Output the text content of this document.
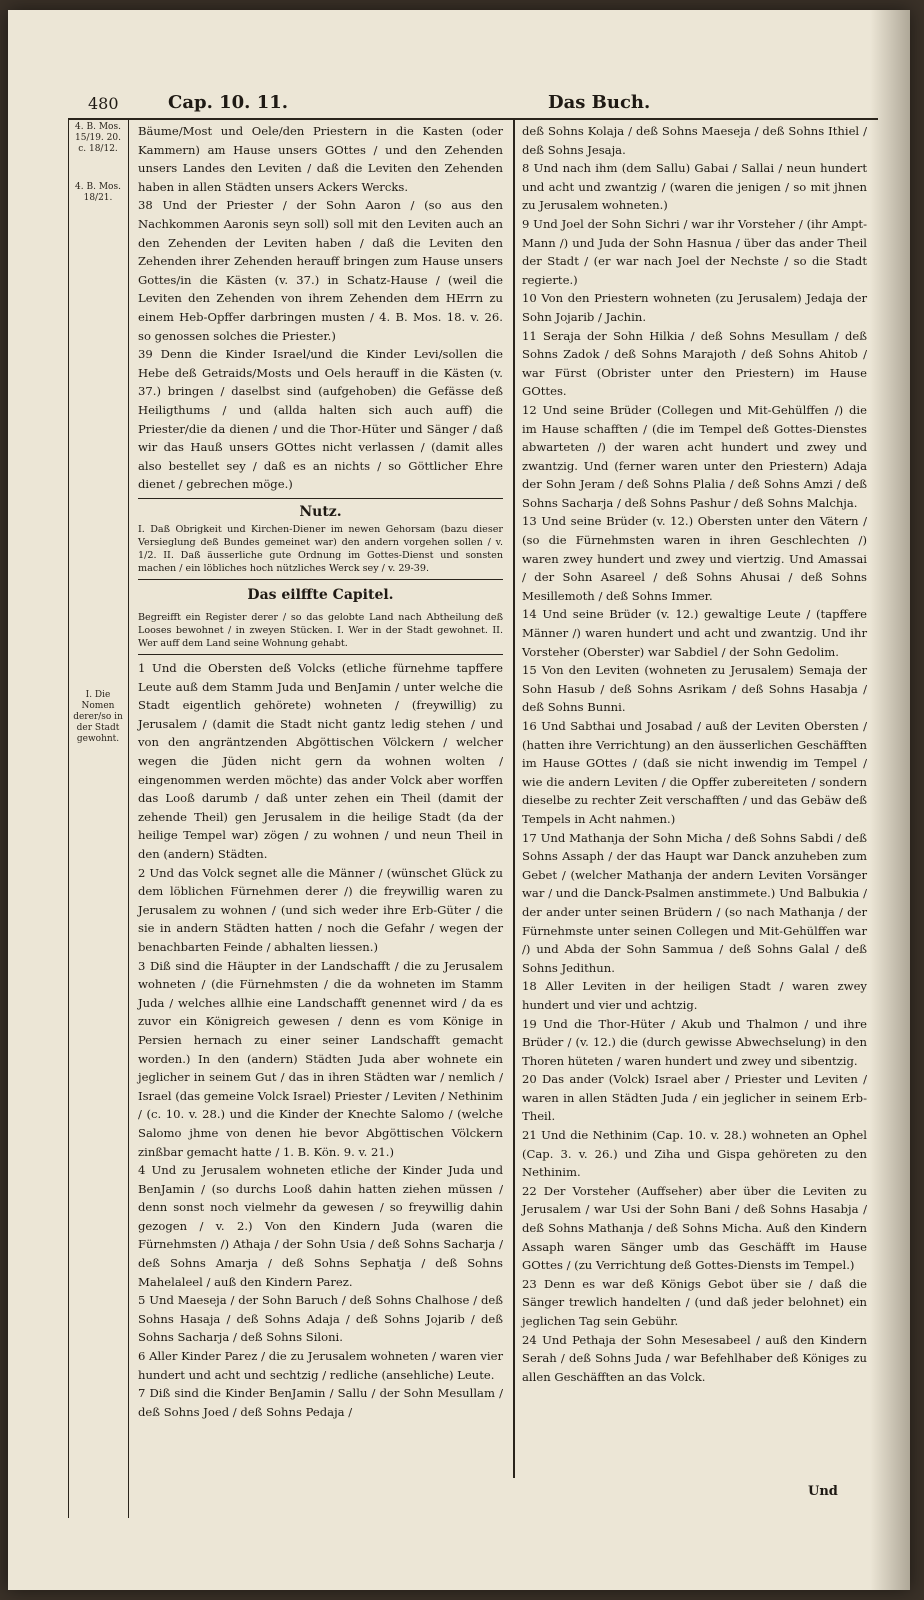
480	Cap. 10. 11.	Das Buch.
4. B. Mos. 15/19. 20. c. 18/12.
4. B. Mos. 18/21.
I. Die Nomen derer/so in der Stadt gewohnt.

Bäume/Most und Oele/den Priestern in die Kasten (oder Kammern) am Hause unsers GOttes / und den Zehenden unsers Landes den Leviten / daß die Leviten den Zehenden haben in allen Städten unsers Ackers Wercks.

38 Und der Priester / der Sohn Aaron / (so aus den Nachkommen Aaronis seyn soll) soll mit den Leviten auch an den Zehenden der Leviten haben / daß die Leviten den Zehenden ihrer Zehenden herauff bringen zum Hause unsers Gottes/in die Kästen (v. 37.) in Schatz-Hause / (weil die Leviten den Zehenden von ihrem Zehenden dem HErrn zu einem Heb-Opffer darbringen musten / 4. B. Mos. 18. v. 26. so genossen solches die Priester.)

39 Denn die Kinder Israel/und die Kinder Levi/sollen die Hebe deß Getraids/Mosts und Oels herauff in die Kästen (v. 37.) bringen / daselbst sind (aufgehoben) die Gefässe deß Heiligthums / und (allda halten sich auch auff) die Priester/die da dienen / und die Thor-Hüter und Sänger / daß wir das Hauß unsers GOttes nicht verlassen / (damit alles also bestellet sey / daß es an nichts / so Göttlicher Ehre dienet / gebrechen möge.)

Nutz.

I. Daß Obrigkeit und Kirchen-Diener im newen Gehorsam (bazu dieser Versieglung deß Bundes gemeinet war) den andern vorgehen sollen / v. 1/2. II. Daß äusserliche gute Ordnung im Gottes-Dienst und sonsten machen / ein löbliches hoch nützliches Werck sey / v. 29-39.

Das eilffte Capitel.

Begreifft ein Register derer / so das gelobte Land nach Abtheilung deß Looses bewohnet / in zweyen Stücken. I. Wer in der Stadt gewohnet. II. Wer auff dem Land seine Wohnung gehabt.

1 Und die Obersten deß Volcks (etliche fürnehme tapffere Leute auß dem Stamm Juda und BenJamin / unter welche die Stadt eigentlich gehörete) wohneten / (freywillig) zu Jerusalem / (damit die Stadt nicht gantz ledig stehen / und von den angräntzenden Abgöttischen Völckern / welcher wegen die Jüden nicht gern da wohnen wolten / eingenommen werden möchte) das ander Volck aber worffen das Looß darumb / daß unter zehen ein Theil (damit der zehende Theil) gen Jerusalem in die heilige Stadt (da der heilige Tempel war) zögen / zu wohnen / und neun Theil in den (andern) Städten.

2 Und das Volck segnet alle die Männer / (wünschet Glück zu dem löblichen Fürnehmen derer /) die freywillig waren zu Jerusalem zu wohnen / (und sich weder ihre Erb-Güter / die sie in andern Städten hatten / noch die Gefahr / wegen der benachbarten Feinde / abhalten liessen.)

3 Diß sind die Häupter in der Landschafft / die zu Jerusalem wohneten / (die Fürnehmsten / die da wohneten im Stamm Juda / welches allhie eine Landschafft genennet wird / da es zuvor ein Königreich gewesen / denn es vom Könige in Persien hernach zu einer seiner Landschafft gemacht worden.) In den (andern) Städten Juda aber wohnete ein jeglicher in seinem Gut / das in ihren Städten war / nemlich / Israel (das gemeine Volck Israel) Priester / Leviten / Nethinim / (c. 10. v. 28.) und die Kinder der Knechte Salomo / (welche Salomo jhme von denen hie bevor Abgöttischen Völckern zinßbar gemacht hatte / 1. B. Kön. 9. v. 21.)

4 Und zu Jerusalem wohneten etliche der Kinder Juda und BenJamin / (so durchs Looß dahin hatten ziehen müssen / denn sonst noch vielmehr da gewesen / so freywillig dahin gezogen / v. 2.) Von den Kindern Juda (waren die Fürnehmsten /) Athaja / der Sohn Usia / deß Sohns Sacharja / deß Sohns Amarja / deß Sohns Sephatja / deß Sohns Mahelaleel / auß den Kindern Parez.

5 Und Maeseja / der Sohn Baruch / deß Sohns Chalhose / deß Sohns Hasaja / deß Sohns Adaja / deß Sohns Jojarib / deß Sohns Sacharja / deß Sohns Siloni.

6 Aller Kinder Parez / die zu Jerusalem wohneten / waren vier hundert und acht und sechtzig / redliche (ansehliche) Leute.

7 Diß sind die Kinder BenJamin / Sallu / der Sohn Mesullam / deß Sohns Joed / deß Sohns Pedaja /

deß Sohns Kolaja / deß Sohns Maeseja / deß Sohns Ithiel / deß Sohns Jesaja.

8 Und nach ihm (dem Sallu) Gabai / Sallai / neun hundert und acht und zwantzig / (waren die jenigen / so mit jhnen zu Jerusalem wohneten.)

9 Und Joel der Sohn Sichri / war ihr Vorsteher / (ihr Ampt-Mann /) und Juda der Sohn Hasnua / über das ander Theil der Stadt / (er war nach Joel der Nechste / so die Stadt regierte.)

10 Von den Priestern wohneten (zu Jerusalem) Jedaja der Sohn Jojarib / Jachin.

11 Seraja der Sohn Hilkia / deß Sohns Mesullam / deß Sohns Zadok / deß Sohns Marajoth / deß Sohns Ahitob / war Fürst (Obrister unter den Priestern) im Hause GOttes.

12 Und seine Brüder (Collegen und Mit-Gehülffen /) die im Hause schafften / (die im Tempel deß Gottes-Dienstes abwarteten /) der waren acht hundert und zwey und zwantzig. Und (ferner waren unter den Priestern) Adaja der Sohn Jeram / deß Sohns Plalia / deß Sohns Amzi / deß Sohns Sacharja / deß Sohns Pashur / deß Sohns Malchja.

13 Und seine Brüder (v. 12.) Obersten unter den Vätern / (so die Fürnehmsten waren in ihren Geschlechten /) waren zwey hundert und zwey und viertzig. Und Amassai / der Sohn Asareel / deß Sohns Ahusai / deß Sohns Mesillemoth / deß Sohns Immer.

14 Und seine Brüder (v. 12.) gewaltige Leute / (tapffere Männer /) waren hundert und acht und zwantzig. Und ihr Vorsteher (Oberster) war Sabdiel / der Sohn Gedolim.

15 Von den Leviten (wohneten zu Jerusalem) Semaja der Sohn Hasub / deß Sohns Asrikam / deß Sohns Hasabja / deß Sohns Bunni.

16 Und Sabthai und Josabad / auß der Leviten Obersten / (hatten ihre Verrichtung) an den äusserlichen Geschäfften im Hause GOttes / (daß sie nicht inwendig im Tempel / wie die andern Leviten / die Opffer zubereiteten / sondern dieselbe zu rechter Zeit verschafften / und das Gebäw deß Tempels in Acht nahmen.)

17 Und Mathanja der Sohn Micha / deß Sohns Sabdi / deß Sohns Assaph / der das Haupt war Danck anzuheben zum Gebet / (welcher Mathanja der andern Leviten Vorsänger war / und die Danck-Psalmen anstimmete.) Und Balbukia / der ander unter seinen Brüdern / (so nach Mathanja / der Fürnehmste unter seinen Collegen und Mit-Gehülffen war /) und Abda der Sohn Sammua / deß Sohns Galal / deß Sohns Jedithun.

18 Aller Leviten in der heiligen Stadt / waren zwey hundert und vier und achtzig.

19 Und die Thor-Hüter / Akub und Thalmon / und ihre Brüder / (v. 12.) die (durch gewisse Abwechselung) in den Thoren hüteten / waren hundert und zwey und sibentzig.

20 Das ander (Volck) Israel aber / Priester und Leviten / waren in allen Städten Juda / ein jeglicher in seinem Erb-Theil.

21 Und die Nethinim (Cap. 10. v. 28.) wohneten an Ophel (Cap. 3. v. 26.) und Ziha und Gispa gehöreten zu den Nethinim.

22 Der Vorsteher (Auffseher) aber über die Leviten zu Jerusalem / war Usi der Sohn Bani / deß Sohns Hasabja / deß Sohns Mathanja / deß Sohns Micha. Auß den Kindern Assaph waren Sänger umb das Geschäfft im Hause GOttes / (zu Verrichtung deß Gottes-Diensts im Tempel.)

23 Denn es war deß Königs Gebot über sie / daß die Sänger trewlich handelten / (und daß jeder belohnet) ein jeglichen Tag sein Gebühr.

24 Und Pethaja der Sohn Mesesabeel / auß den Kindern Serah / deß Sohns Juda / war Befehlhaber deß Königes zu allen Geschäfften an das Volck.

Und
